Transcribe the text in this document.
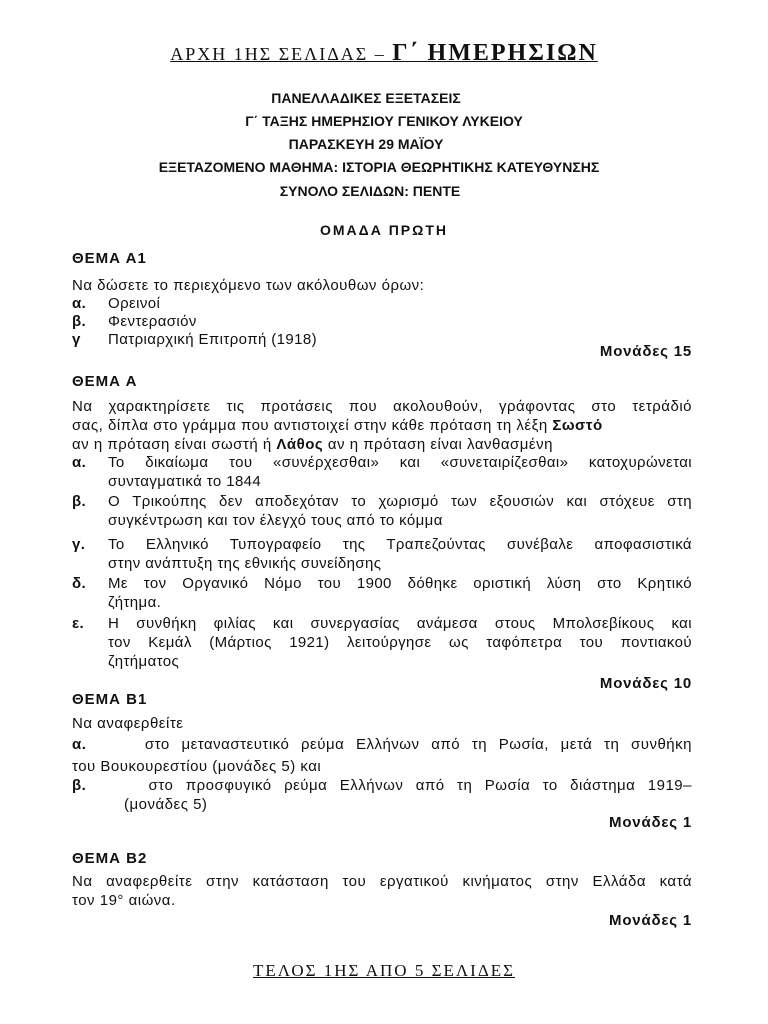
ΑΡΧΗ 1ΗΣ ΣΕΛΙΔΑΣ – Γ΄ ΗΜΕΡΗΣΙΩΝ
ΠΑΝΕΛΛΑΔΙΚΕΣ ΕΞΕΤΑΣΕΙΣ
Γ΄ ΤΑΞΗΣ ΗΜΕΡΗΣΙΟΥ ΓΕΝΙΚΟΥ ΛΥΚΕΙΟΥ
ΠΑΡΑΣΚΕΥΗ 29 ΜΑΪΟΥ
ΕΞΕΤΑΖΟΜΕΝΟ ΜΑΘΗΜΑ: ΙΣΤΟΡΙΑ ΘΕΩΡΗΤΙΚΗΣ ΚΑΤΕΥΘΥΝΣΗΣ
ΣΥΝΟΛΟ ΣΕΛΙΔΩΝ: ΠΕΝΤΕ
ΟΜΑΔΑ ΠΡΩΤΗ
ΘΕΜΑ Α1
Να δώσετε το περιεχόμενο των ακόλουθων όρων:
α. Ορεινοί
β. Φεντερασιόν
γ Πατριαρχική Επιτροπή (1918)
Μονάδες 15
ΘΕΜΑ Α
Να χαρακτηρίσετε τις προτάσεις που ακολουθούν, γράφοντας στο τετράδιό
σας, δίπλα στο γράμμα που αντιστοιχεί στην κάθε πρόταση τη λέξη Σωστό
αν η πρόταση είναι σωστή ή Λάθος αν η πρόταση είναι λανθασμένη
α. Το δικαίωμα του «συνέρχεσθαι» και «συνεταιρίζεσθαι» κατοχυρώνεται
συνταγματικά το 1844
β. Ο Τρικούπης δεν αποδεχόταν το χωρισμό των εξουσιών και στόχευε στη
συγκέντρωση και τον έλεγχό τους από το κόμμα
γ. Το Ελληνικό Τυπογραφείο της Τραπεζούντας συνέβαλε αποφασιστικά
στην ανάπτυξη της εθνικής συνείδησης
δ. Με τον Οργανικό Νόμο του 1900 δόθηκε οριστική λύση στο Κρητικό
ζήτημα.
ε. Η συνθήκη φιλίας και συνεργασίας ανάμεσα στους Μπολσεβίκους και
τον Κεμάλ (Μάρτιος 1921) λειτούργησε ως ταφόπετρα του ποντιακού
ζητήματος
Μονάδες 10
ΘΕΜΑ Β1
Να αναφερθείτε
α.	στο μεταναστευτικό ρεύμα Ελλήνων από τη Ρωσία, μετά τη συνθήκη
του Βουκουρεστίου (μονάδες 5) και
β.	στο προσφυγικό ρεύμα Ελλήνων από τη Ρωσία το διάστημα 1919–
(μονάδες 5)
Μονάδες 1
ΘΕΜΑ Β2
Να αναφερθείτε στην κατάσταση του εργατικού κινήματος στην Ελλάδα κατά
τον 19° αιώνα.
Μονάδες 1
ΤΕΛΟΣ 1ΗΣ ΑΠΟ 5 ΣΕΛΙΔΕΣ
